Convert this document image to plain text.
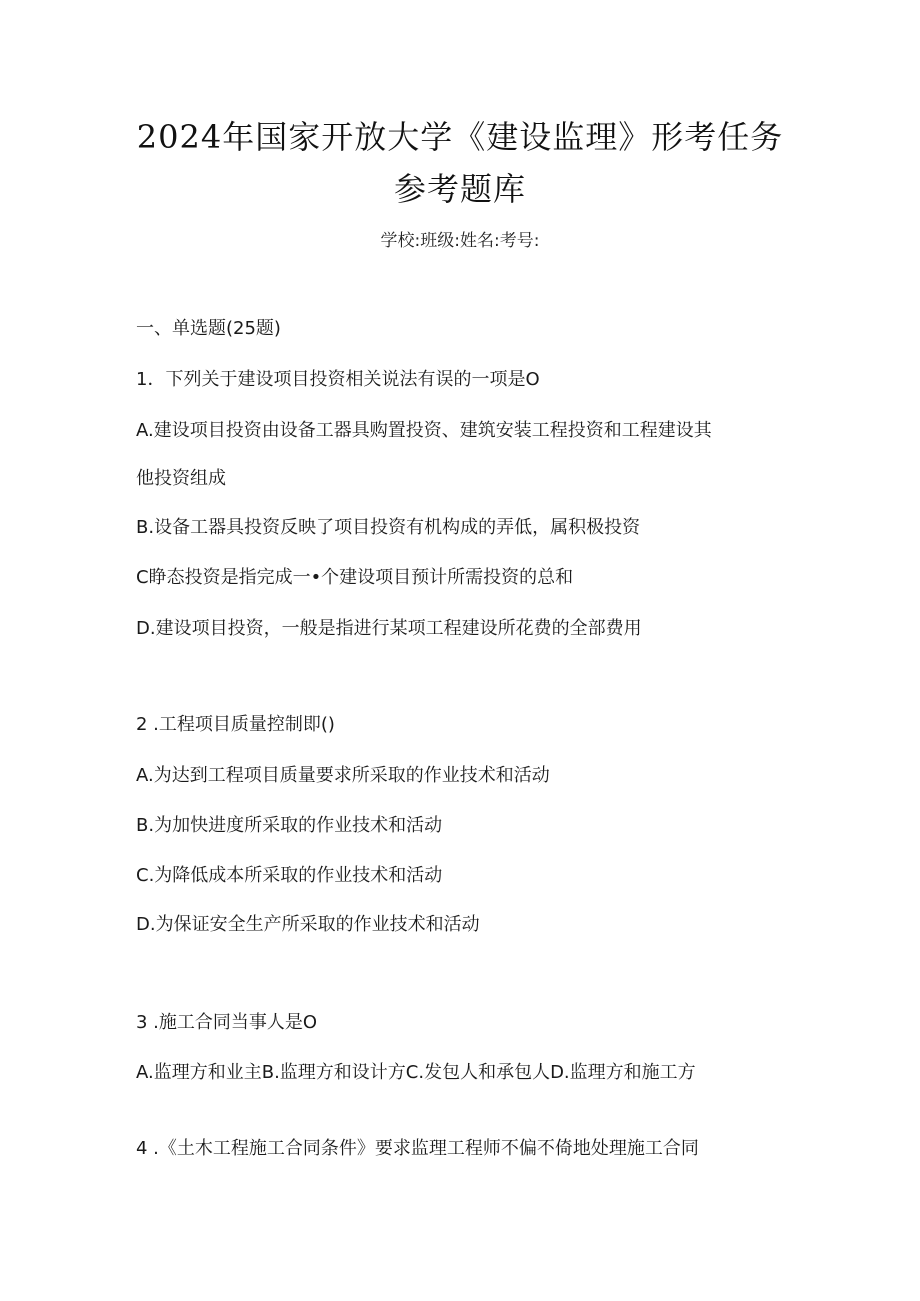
2024年国家开放大学《建设监理》形考任务
参考题库
学校:班级:姓名:考号:
一、单选题(25题)
1．下列关于建设项目投资相关说法有误的一项是O
A.建设项目投资由设备工器具购置投资、建筑安装工程投资和工程建设其
他投资组成
B.设备工器具投资反映了项目投资有机构成的弄低，属积极投资
C睁态投资是指完成一•个建设项目预计所需投资的总和
D.建设项目投资，一般是指进行某项工程建设所花费的全部费用
2 .工程项目质量控制即()
A.为达到工程项目质量要求所采取的作业技术和活动
B.为加快进度所采取的作业技术和活动
C.为降低成本所采取的作业技术和活动
D.为保证安全生产所采取的作业技术和活动
3 .施工合同当事人是O
A.监理方和业主B.监理方和设计方C.发包人和承包人D.监理方和施工方
4 .《土木工程施工合同条件》要求监理工程师不偏不倚地处理施工合同
